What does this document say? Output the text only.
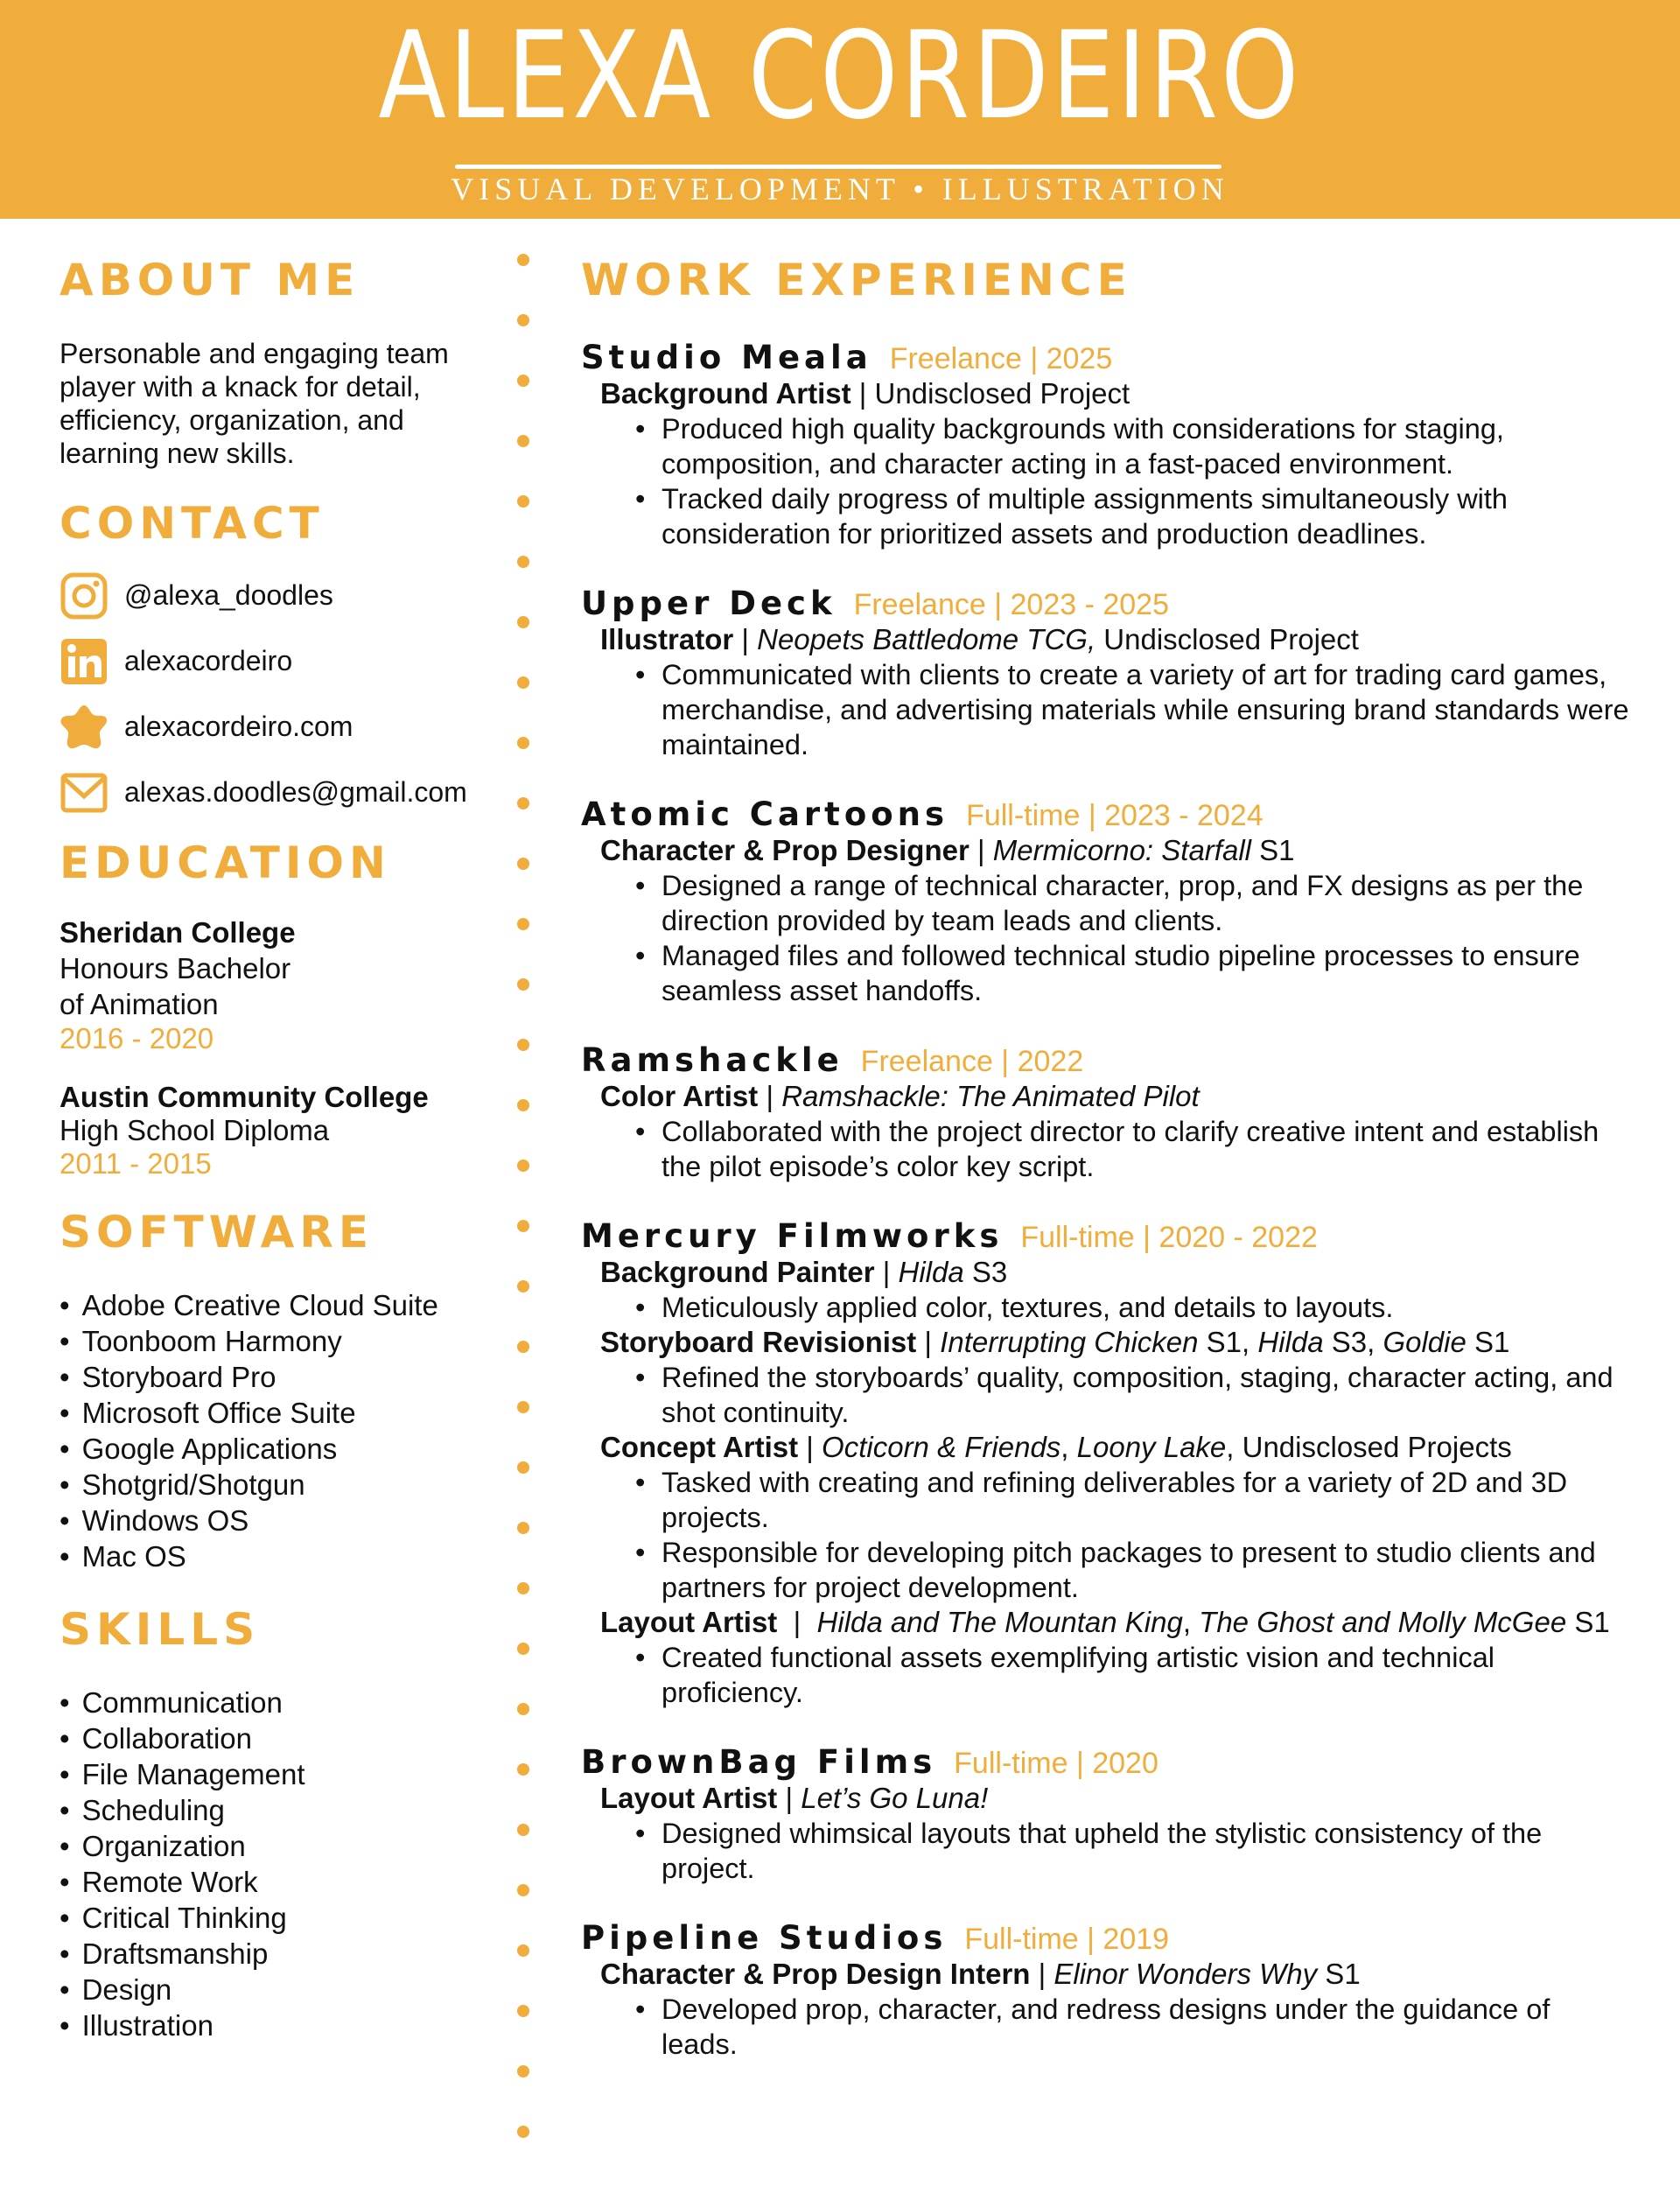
ALEXA CORDEIRO
VISUAL DEVELOPMENT • ILLUSTRATION
ABOUT ME

Personable and engaging team player with a knack for detail, efficiency, organization, and learning new skills.

CONTACT
@alexa_doodles
alexacordeiro
alexacordeiro.com
alexas.doodles@gmail.com
EDUCATION
Sheridan College
Honours Bachelor
of Animation
2016 - 2020
Austin Community College
High School Diploma
2011 - 2015
SOFTWARE
• Adobe Creative Cloud Suite
• Toonboom Harmony
• Storyboard Pro
• Microsoft Office Suite
• Google Applications
• Shotgrid/Shotgun
• Windows OS
• Mac OS
SKILLS
• Communication
• Collaboration
• File Management
• Scheduling
• Organization
• Remote Work
• Critical Thinking
• Draftsmanship
• Design
• Illustration
WORK EXPERIENCE
Studio Meala Freelance | 2025
Background Artist | Undisclosed Project
• Produced high quality backgrounds with considerations for staging, composition, and character acting in a fast-paced environment.
• Tracked daily progress of multiple assignments simultaneously with consideration for prioritized assets and production deadlines.
Upper Deck Freelance | 2023 - 2025
Illustrator | Neopets Battledome TCG, Undisclosed Project
• Communicated with clients to create a variety of art for trading card games, merchandise, and advertising materials while ensuring brand standards were maintained.
Atomic Cartoons Full-time | 2023 - 2024
Character & Prop Designer | Mermicorno: Starfall S1
• Designed a range of technical character, prop, and FX designs as per the direction provided by team leads and clients.
• Managed files and followed technical studio pipeline processes to ensure seamless asset handoffs.
Ramshackle Freelance | 2022
Color Artist | Ramshackle: The Animated Pilot
• Collaborated with the project director to clarify creative intent and establish the pilot episode’s color key script.
Mercury Filmworks Full-time | 2020 - 2022
Background Painter | Hilda S3
• Meticulously applied color, textures, and details to layouts.
Storyboard Revisionist | Interrupting Chicken S1, Hilda S3, Goldie S1
• Refined the storyboards’ quality, composition, staging, character acting, and shot continuity.
Concept Artist | Octicorn & Friends, Loony Lake, Undisclosed Projects
• Tasked with creating and refining deliverables for a variety of 2D and 3D projects.
• Responsible for developing pitch packages to present to studio clients and partners for project development.
Layout Artist  |  Hilda and The Mountan King, The Ghost and Molly McGee S1
• Created functional assets exemplifying artistic vision and technical proficiency.
BrownBag Films Full-time | 2020
Layout Artist | Let’s Go Luna!
• Designed whimsical layouts that upheld the stylistic consistency of the project.
Pipeline Studios Full-time | 2019
Character & Prop Design Intern | Elinor Wonders Why S1
• Developed prop, character, and redress designs under the guidance of leads.
